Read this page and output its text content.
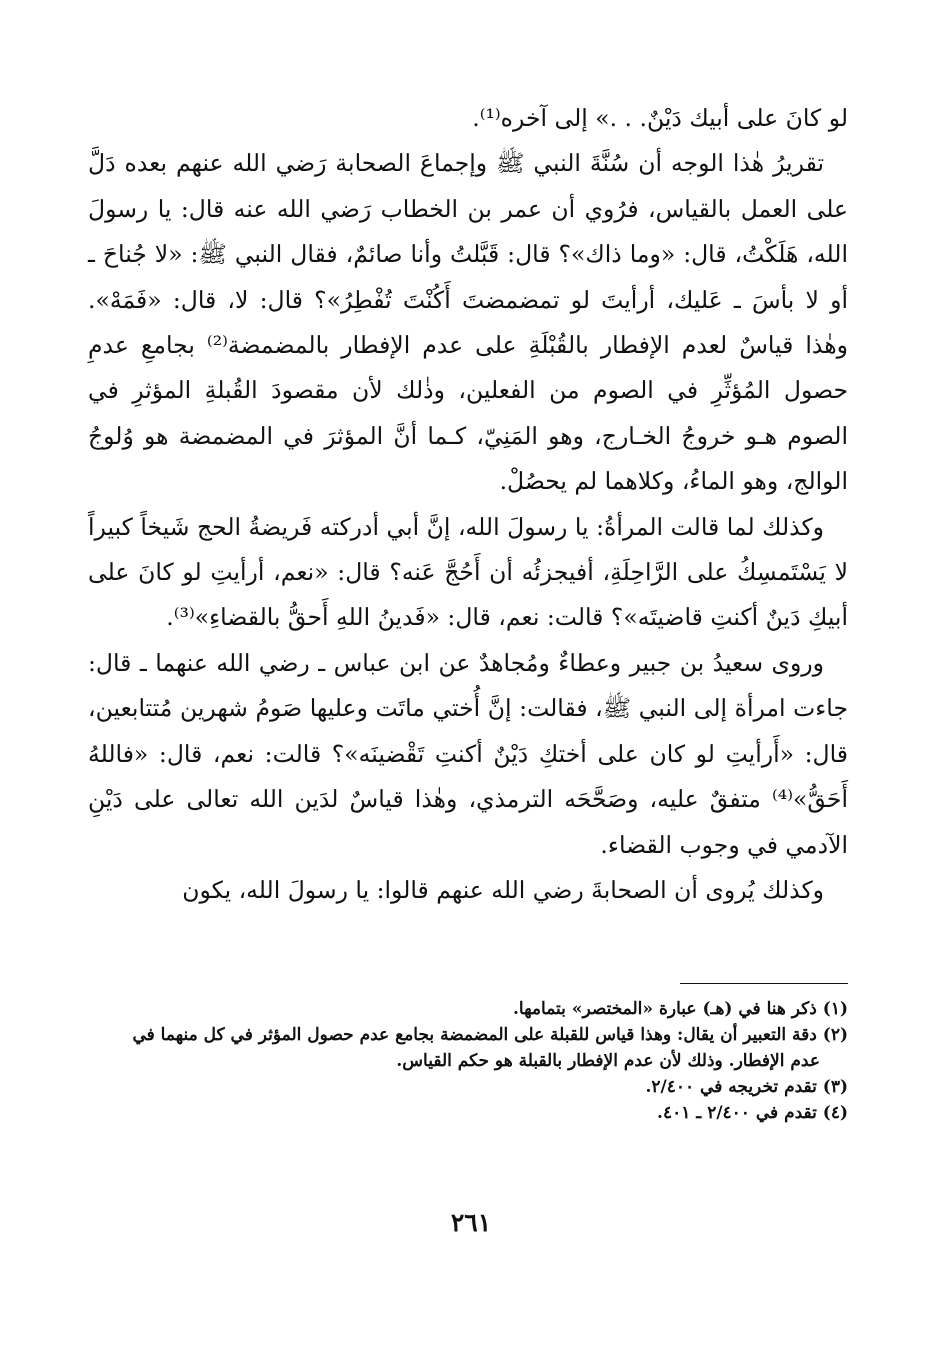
لو كانَ على أبيك دَيْنٌ. . .» إلى آخره⁽¹⁾.

تقريرُ هٰذا الوجه أن سُنَّةَ النبي ﷺ وإجماعَ الصحابة رَضي الله عنهم بعده دَلَّ على العمل بالقياس، فرُوي أن عمر بن الخطاب رَضي الله عنه قال: يا رسولَ الله، هَلَكْتُ، قال: «وما ذاك»؟ قال: قَبَّلتُ وأنا صائمٌ، فقال النبي ﷺ: «لا جُناحَ ـ أو لا بأسَ ـ عَليك، أرأيتَ لو تمضمضتَ أَكُنْتَ تُفْطِرُ»؟ قال: لا، قال: «فَمَهْ». وهٰذا قياسٌ لعدم الإفطار بالقُبْلَةِ على عدم الإفطار بالمضمضة⁽²⁾ بجامعِ عدمِ حصول المُؤثِّرِ في الصوم من الفعلين، وذٰلك لأن مقصودَ القُبلةِ المؤثرِ في الصوم هـو خروجُ الخـارج، وهو المَنِيّ، كـما أنَّ المؤثرَ في المضمضة هو وُلوجُ الوالج، وهو الماءُ، وكلاهما لم يحصُلْ.

وكذلك لما قالت المرأةُ: يا رسولَ الله، إنَّ أبي أدركته فَريضةُ الحج شَيخاً كبيراً لا يَسْتَمسِكُ على الرَّاحِلَةِ، أفيجزئُه أن أَحُجَّ عَنه؟ قال: «نعم، أرأيتِ لو كانَ على أبيكِ دَينٌ أكنتِ قاضيتَه»؟ قالت: نعم، قال: «فَدينُ اللهِ أَحقُّ بالقضاءِ»⁽³⁾.

وروى سعيدُ بن جبير وعطاءٌ ومُجاهدٌ عن ابن عباس ـ رضي الله عنهما ـ قال: جاءت امرأة إلى النبي ﷺ، فقالت: إنَّ أُختي ماتَت وعليها صَومُ شهرين مُتتابعين، قال: «أَرأيتِ لو كان على أختكِ دَيْنٌ أكنتِ تَقْضينَه»؟ قالت: نعم، قال: «فاللهُ أَحَقُّ»⁽⁴⁾ متفقٌ عليه، وصَحَّحَه الترمذي، وهٰذا قياسٌ لدَين الله تعالى على دَيْنِ الآدمي في وجوب القضاء.

وكذلك يُروى أن الصحابةَ رضي الله عنهم قالوا: يا رسولَ الله، يكون

(١) ذكر هنا في (هـ) عبارة «المختصر» بتمامها.

(٢) دقة التعبير أن يقال: وهذا قياس للقبلة على المضمضة بجامع عدم حصول المؤثر في كل منهما في

عدم الإفطار. وذلك لأن عدم الإفطار بالقبلة هو حكم القياس.

(٣) تقدم تخريجه في ٢/٤٠٠.

(٤) تقدم في ٢/٤٠٠ ـ ٤٠١.

٢٦١
